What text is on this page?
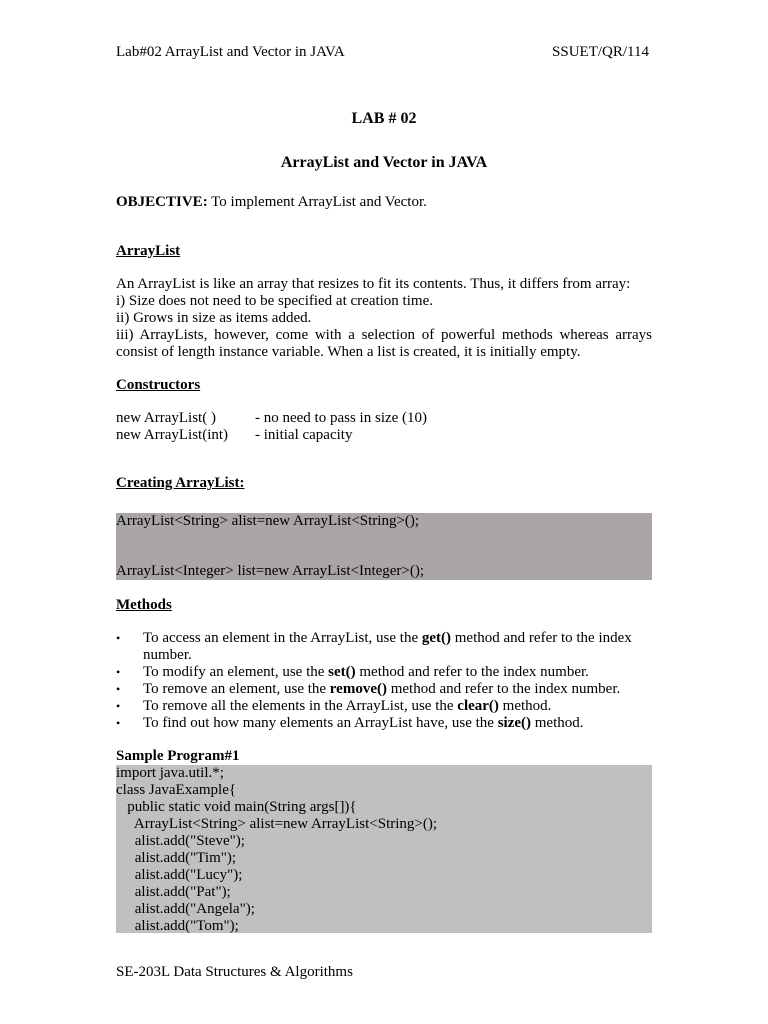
Lab#02 ArrayList and Vector in JAVA	SSUET/QR/114
LAB # 02
ArrayList and Vector in JAVA
OBJECTIVE: To implement ArrayList and Vector.
ArrayList
An ArrayList is like an array that resizes to fit its contents. Thus, it differs from array:
i) Size does not need to be specified at creation time.
ii) Grows in size as items added.
iii) ArrayLists, however, come with a selection of powerful methods whereas arrays consist of length instance variable. When a list is created, it is initially empty.
Constructors
new ArrayList( )	- no need to pass in size (10)
new ArrayList(int)	- initial capacity
Creating ArrayList:
ArrayList<String> alist=new ArrayList<String>();
ArrayList<Integer> list=new ArrayList<Integer>();
Methods
• To access an element in the ArrayList, use the get() method and refer to the index number.
• To modify an element, use the set() method and refer to the index number.
• To remove an element, use the remove() method and refer to the index number.
• To remove all the elements in the ArrayList, use the clear() method.
• To find out how many elements an ArrayList have, use the size() method.
Sample Program#1
import java.util.*;
class JavaExample{
public static void main(String args[]){
ArrayList<String> alist=new ArrayList<String>();
alist.add("Steve");
alist.add("Tim");
alist.add("Lucy");
alist.add("Pat");
alist.add("Angela");
alist.add("Tom");
SE-203L Data Structures & Algorithms
